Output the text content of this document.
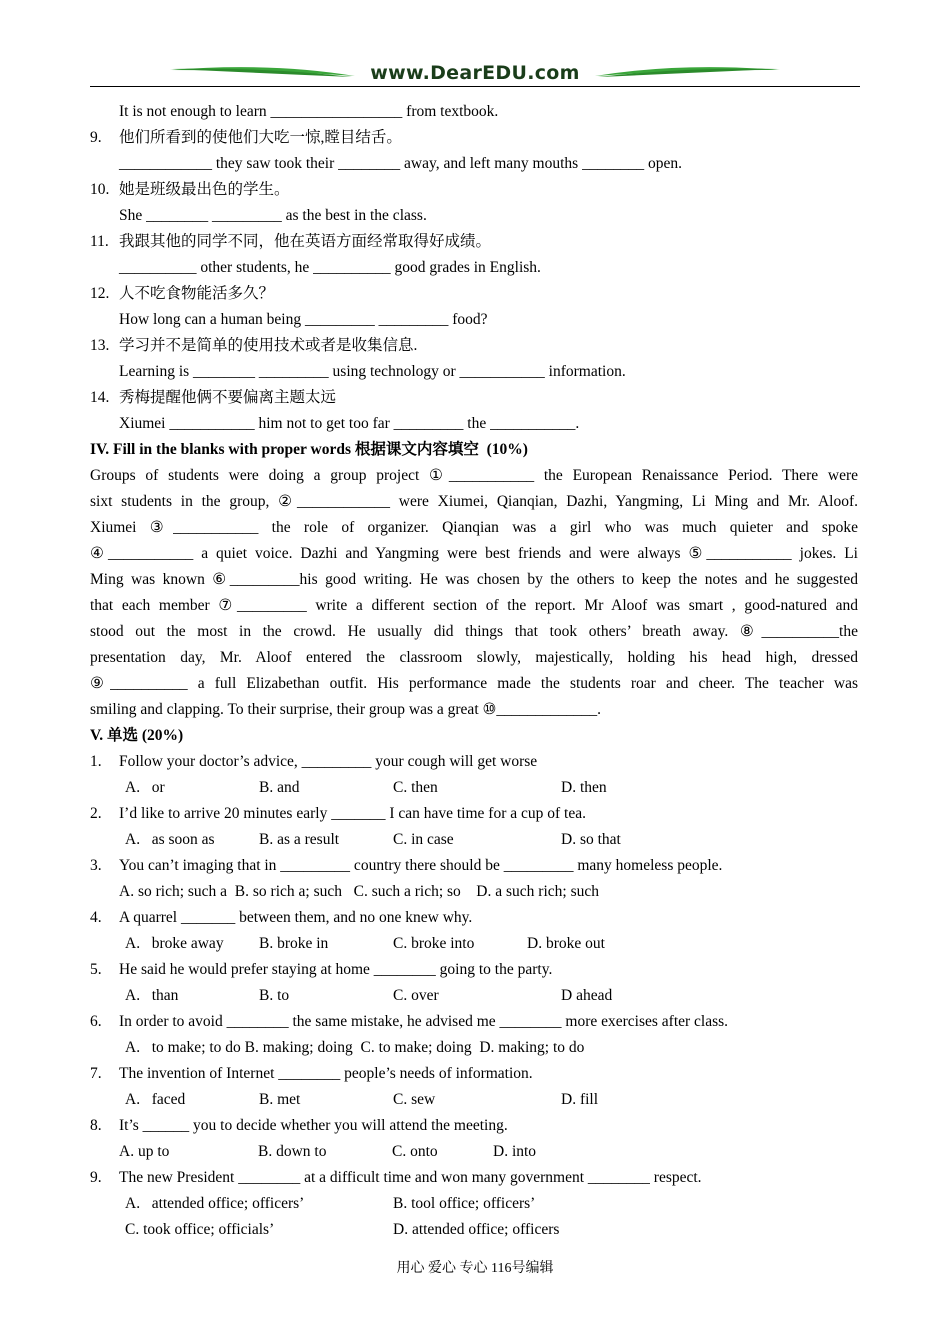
www.DearEDU.com
It is not enough to learn _________________ from textbook.
9. 他们所看到的使他们大吃一惊,瞠目结舌。
____________ they saw took their ________ away, and left many mouths ________ open.
10. 她是班级最出色的学生。
She ________ _________ as the best in the class.
11. 我跟其他的同学不同，他在英语方面经常取得好成绩。
__________ other students, he __________ good grades in English.
12. 人不吃食物能活多久？
How long can a human being _________ _________ food?
13. 学习并不是简单的使用技术或者是收集信息.
Learning is ________ _________ using technology or ___________ information.
14. 秀梅提醒他俩不要偏离主题太远
Xiumei ___________ him not to get too far _________ the ___________.
IV. Fill in the blanks with proper words 根据课文内容填空  (10%)
Groups of students were doing a group project ①___________ the European Renaissance Period. There were
sixt students in the group, ②____________ were Xiumei, Qianqian, Dazhi, Yangming, Li Ming and Mr. Aloof.
Xiumei ③___________ the role of organizer. Qianqian was a girl who was much quieter and spoke
④___________ a quiet voice. Dazhi and Yangming were best friends and were always ⑤___________ jokes. Li
Ming was known ⑥_________his good writing. He was chosen by the others to keep the notes and he suggested
that each member ⑦_________ write a different section of the report. Mr Aloof was smart , good-natured and
stood out the most in the crowd. He usually did things that took others’ breath away. ⑧__________the
presentation day, Mr. Aloof entered the classroom slowly, majestically, holding his head high, dressed
⑨__________ a full Elizabethan outfit. His performance made the students roar and cheer. The teacher was
smiling and clapping. To their surprise, their group was a great ⑩_____________.
V. 单选 (20%)
1. Follow your doctor’s advice, _________ your cough will get worse
A.   or	B. and	C. then	D. then
2. I’d like to arrive 20 minutes early _______ I can have time for a cup of tea.
A.   as soon as	B. as a result	C. in case	D. so that
3. You can’t imaging that in _________ country there should be _________ many homeless people.
A. so rich; such a  B. so rich a; such   C. such a rich; so    D. a such rich; such
4. A quarrel _______ between them, and no one knew why.
A.   broke away B. broke in	C. broke into	D. broke out
5. He said he would prefer staying at home ________ going to the party.
A.   than	B. to	C. over	D ahead
6. In order to avoid ________ the same mistake, he advised me ________ more exercises after class.
A.   to make; to do B. making; doing  C. to make; doing  D. making; to do
7. The invention of Internet ________ people’s needs of information.
A.   faced	B. met	C. sew	D. fill
8. It’s ______ you to decide whether you will attend the meeting.
A. up to	B. down to	C. onto	D. into
9. The new President ________ at a difficult time and won many government ________ respect.
A.   attended office; officers’	B. tool office; officers’
C. took office; officials’	D. attended office; officers
用心 爱心 专心 116号编辑
